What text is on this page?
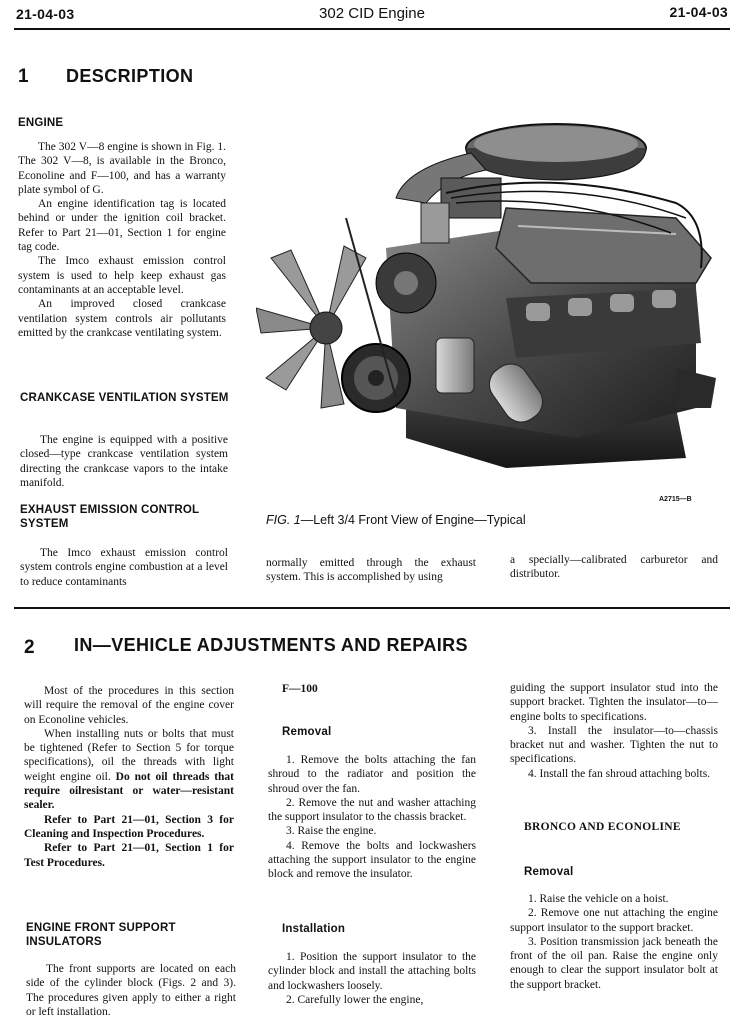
21-04-03	302 CID Engine	21-04-03
1 DESCRIPTION
ENGINE

The 302 V—8 engine is shown in Fig. 1. The 302 V—8, is available in the Bronco, Econoline and F—100, and has a warranty plate symbol of G.

An engine identification tag is located behind or under the ignition coil bracket. Refer to Part 21—01, Section 1 for engine tag code.

The Imco exhaust emission control system is used to help keep exhaust gas contaminants at an acceptable level.

An improved closed crankcase ventilation system controls air pollutants emitted by the crankcase ventilating system.

CRANKCASE VENTILATION SYSTEM

The engine is equipped with a positive closed—type crankcase ventilation system directing the crankcase vapors to the intake manifold.

EXHAUST EMISSION CONTROL SYSTEM

The Imco exhaust emission control system controls engine combustion at a level to reduce contaminants

normally emitted through the exhaust system. This is accomplished by using

a specially—calibrated carburetor and distributor.

A2715—B
FIG. 1—Left 3/4 Front View of Engine—Typical
2 IN—VEHICLE ADJUSTMENTS AND REPAIRS

Most of the procedures in this section will require the removal of the engine cover on Econoline vehicles.

When installing nuts or bolts that must be tightened (Refer to Section 5 for torque specifications), oil the threads with light weight engine oil. Do not oil threads that require oilresistant or water—resistant sealer.

Refer to Part 21—01, Section 3 for Cleaning and Inspection Procedures.

Refer to Part 21—01, Section 1 for Test Procedures.

ENGINE FRONT SUPPORT INSULATORS

The front supports are located on each side of the cylinder block (Figs. 2 and 3). The procedures given apply to either a right or left installation.

F—100
Removal

1. Remove the bolts attaching the fan shroud to the radiator and position the shroud over the fan.

2. Remove the nut and washer attaching the support insulator to the chassis bracket.

3. Raise the engine.

4. Remove the bolts and lockwashers attaching the support insulator to the engine block and remove the insulator.

Installation

1. Position the support insulator to the cylinder block and install the attaching bolts and lockwashers loosely.

2. Carefully lower the engine,

guiding the support insulator stud into the support bracket. Tighten the insulator—to—engine bolts to specifications.

3. Install the insulator—to—chassis bracket nut and washer. Tighten the nut to specifications.

4. Install the fan shroud attaching bolts.

BRONCO AND ECONOLINE
Removal

1. Raise the vehicle on a hoist.

2. Remove one nut attaching the engine support insulator to the support bracket.

3. Position transmission jack beneath the front of the oil pan. Raise the engine only enough to clear the support insulator bolt at the support bracket.
